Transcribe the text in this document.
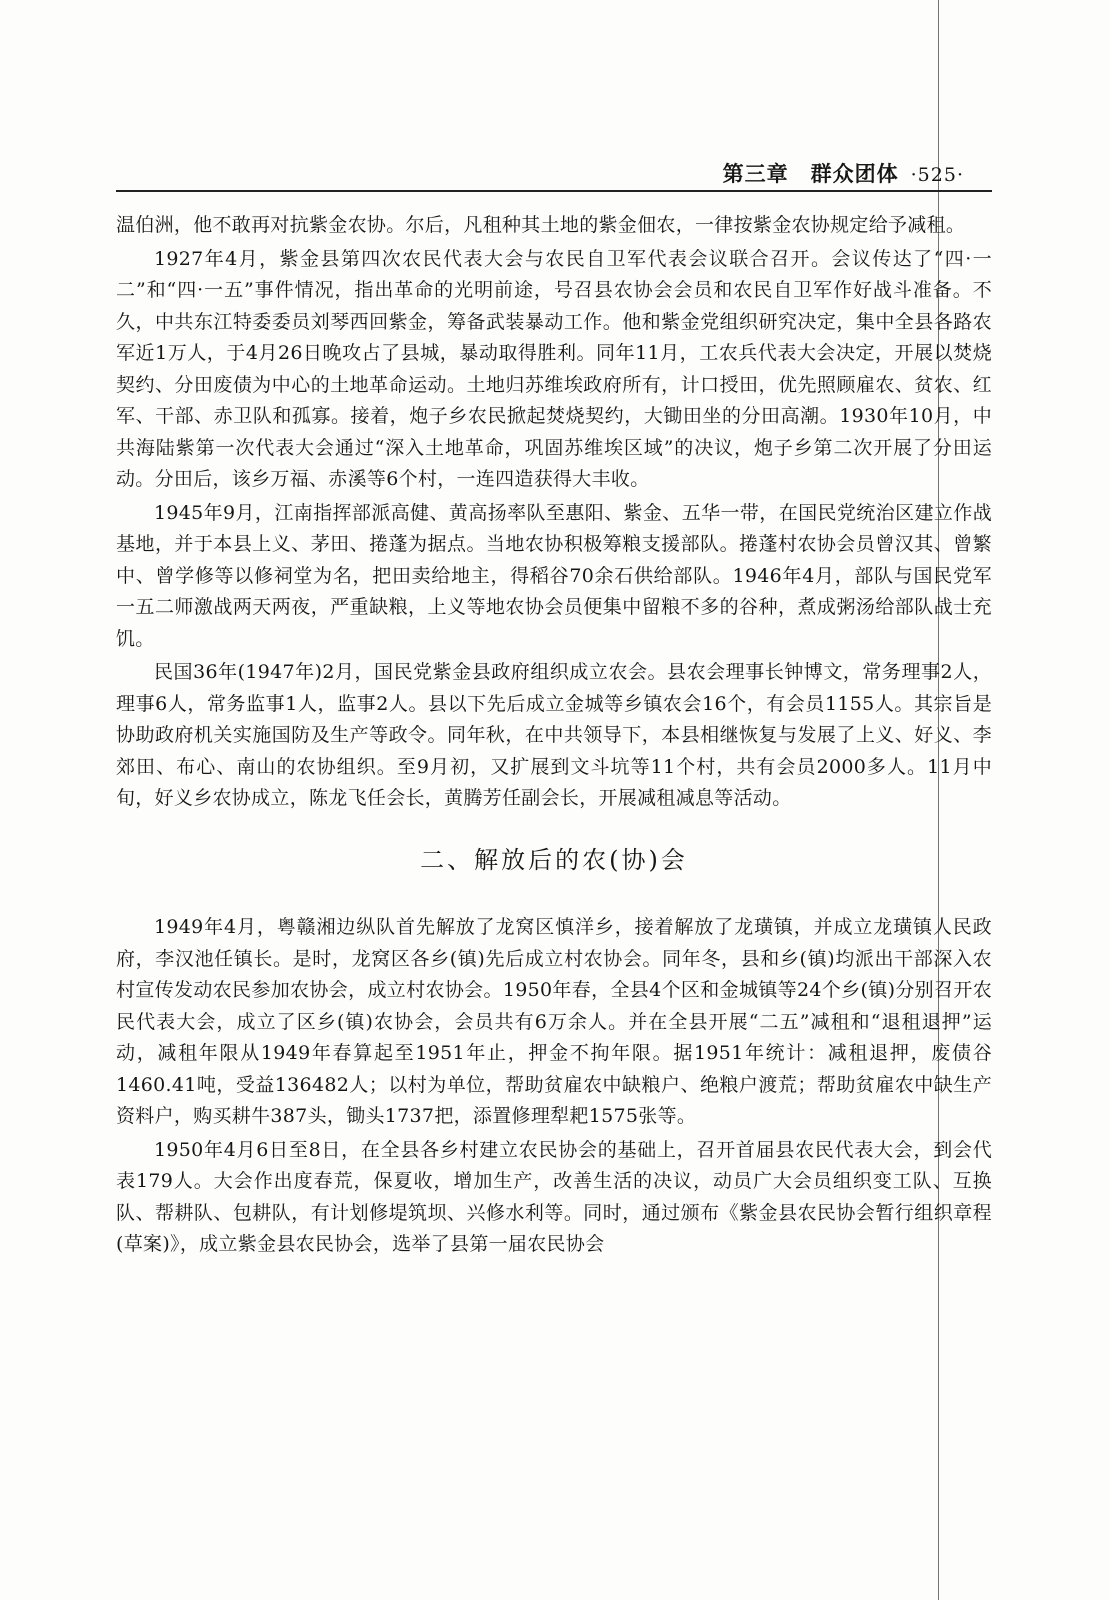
第三章 群众团体 ·525·

温伯洲，他不敢再对抗紫金农协。尔后，凡租种其土地的紫金佃农，一律按紫金农协规定给予减租。

1927年4月，紫金县第四次农民代表大会与农民自卫军代表会议联合召开。会议传达了“四·一二”和“四·一五”事件情况，指出革命的光明前途，号召县农协会会员和农民自卫军作好战斗准备。不久，中共东江特委委员刘琴西回紫金，筹备武装暴动工作。他和紫金党组织研究决定，集中全县各路农军近1万人，于4月26日晚攻占了县城，暴动取得胜利。同年11月，工农兵代表大会决定，开展以焚烧契约、分田废债为中心的土地革命运动。土地归苏维埃政府所有，计口授田，优先照顾雇农、贫农、红军、干部、赤卫队和孤寡。接着，炮子乡农民掀起焚烧契约，大锄田坐的分田高潮。1930年10月，中共海陆紫第一次代表大会通过“深入土地革命，巩固苏维埃区域”的决议，炮子乡第二次开展了分田运动。分田后，该乡万福、赤溪等6个村，一连四造获得大丰收。

1945年9月，江南指挥部派高健、黄高扬率队至惠阳、紫金、五华一带，在国民党统治区建立作战基地，并于本县上义、茅田、捲蓬为据点。当地农协积极筹粮支援部队。捲蓬村农协会员曾汉其、曾繁中、曾学修等以修祠堂为名，把田卖给地主，得稻谷70余石供给部队。1946年4月，部队与国民党军一五二师激战两天两夜，严重缺粮，上义等地农协会员便集中留粮不多的谷种，煮成粥汤给部队战士充饥。

民国36年(1947年)2月，国民党紫金县政府组织成立农会。县农会理事长钟博文，常务理事2人，理事6人，常务监事1人，监事2人。县以下先后成立金城等乡镇农会16个，有会员1155人。其宗旨是协助政府机关实施国防及生产等政令。同年秋，在中共领导下，本县相继恢复与发展了上义、好义、李郊田、布心、南山的农协组织。至9月初，又扩展到文斗坑等11个村，共有会员2000多人。11月中旬，好义乡农协成立，陈龙飞任会长，黄腾芳任副会长，开展减租减息等活动。

二、解放后的农(协)会

1949年4月，粤赣湘边纵队首先解放了龙窝区慎洋乡，接着解放了龙璜镇，并成立龙璜镇人民政府，李汉池任镇长。是时，龙窝区各乡(镇)先后成立村农协会。同年冬，县和乡(镇)均派出干部深入农村宣传发动农民参加农协会，成立村农协会。1950年春，全县4个区和金城镇等24个乡(镇)分别召开农民代表大会，成立了区乡(镇)农协会，会员共有6万余人。并在全县开展“二五”减租和“退租退押”运动，减租年限从1949年春算起至1951年止，押金不拘年限。据1951年统计：减租退押，废债谷1460.41吨，受益136482人；以村为单位，帮助贫雇农中缺粮户、绝粮户渡荒；帮助贫雇农中缺生产资料户，购买耕牛387头，锄头1737把，添置修理犁耙1575张等。

1950年4月6日至8日，在全县各乡村建立农民协会的基础上，召开首届县农民代表大会，到会代表179人。大会作出度春荒，保夏收，增加生产，改善生活的决议，动员广大会员组织变工队、互换队、帮耕队、包耕队，有计划修堤筑坝、兴修水利等。同时，通过颁布《紫金县农民协会暂行组织章程(草案)》，成立紫金县农民协会，选举了县第一届农民协会
